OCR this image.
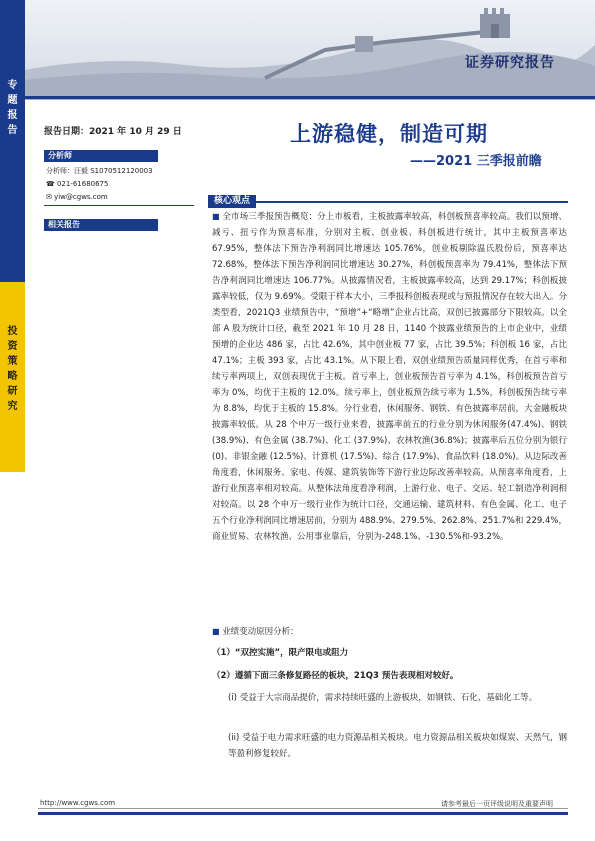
专
题
报
告
投
资
策
略
研
究
证券研究报告
报告日期：2021 年 10 月 29 日	上游稳健，制造可期
——2021 三季报前瞻
分析师
分析师：汪毅 S1070512120003
☎ 021-61680675
✉ yiw@cgws.com
相关报告
核心观点
■ 全市场三季报预告概览：分上市板看，主板披露率较高，科创板预喜率较高。我们以预增、减亏、扭亏作为预喜标准，分别对主板、创业板、科创板进行统计，其中主板预喜率达 67.95%，整体法下预告净利润同比增速达 105.76%，创业板剔除温氏股份后，预喜率达 72.68%，整体法下预告净利润同比增速达 30.27%，科创板预喜率为 79.41%，整体法下预告净利润同比增速达 106.77%。从披露情况看，主板披露率较高，达到 29.17%；科创板披露率较低，仅为 9.69%。受限于样本大小，三季报科创板表现或与预报情况存在较大出入。分类型看，2021Q3 业绩预告中，“预增”+“略增”企业占比高，双创已披露部分下限较高。以全部 A 股为统计口径，截至 2021 年 10 月 28 日，1140 个披露业绩预告的上市企业中，业绩预增的企业达 486 家，占比 42.6%，其中创业板 77 家，占比 39.5%；科创板 16 家，占比 47.1%；主板 393 家，占比 43.1%。从下限上看，双创业绩预告质量同样优秀，在首亏率和续亏率两项上，双创表现优于主板。首亏率上，创业板预告首亏率为 4.1%，科创板预告首亏率为 0%，均优于主板的 12.0%。续亏率上，创业板预告续亏率为 1.5%，科创板预告续亏率为 8.8%，均优于主板的 15.8%。分行业看，休闲服务、钢铁、有色披露率居前，大金融板块披露率较低。从 28 个申万一级行业来看，披露率前五的行业分别为休闲服务(47.4%)、钢铁 (38.9%)、有色金属 (38.7%)、化工 (37.9%)、农林牧渔(36.8%)；披露率后五位分别为银行(0)、非银金融 (12.5%)、计算机 (17.5%)、综合 (17.9%)、食品饮料 (18.0%)。从边际改善角度看，休闲服务、家电、传媒、建筑装饰等下游行业边际改善率较高。从预喜率角度看，上游行业预喜率相对较高。从整体法角度看净利润，上游行业、电子、交运、轻工制造净利润相对较高。以 28 个申万一级行业作为统计口径，交通运输、建筑材料、有色金属、化工、电子五个行业净利润同比增速居前，分别为 488.9%、279.5%、262.8%、251.7%和 229.4%，商业贸易、农林牧渔、公用事业靠后，分别为-248.1%、-130.5%和-93.2%。
■ 业绩变动原因分析：
（1）“双控实施”，限产限电或阻力
（2）遵循下面三条修复路径的板块，21Q3 预告表现相对较好。
(i) 受益于大宗商品提价，需求持续旺盛的上游板块，如钢铁、石化、基础化工等。
(ii) 受益于电力需求旺盛的电力资源品相关板块。电力资源品相关板块如煤炭、天然气，钢等盈利修复较好。
http://www.cgws.com	请参考最后一页评级说明及重要声明
